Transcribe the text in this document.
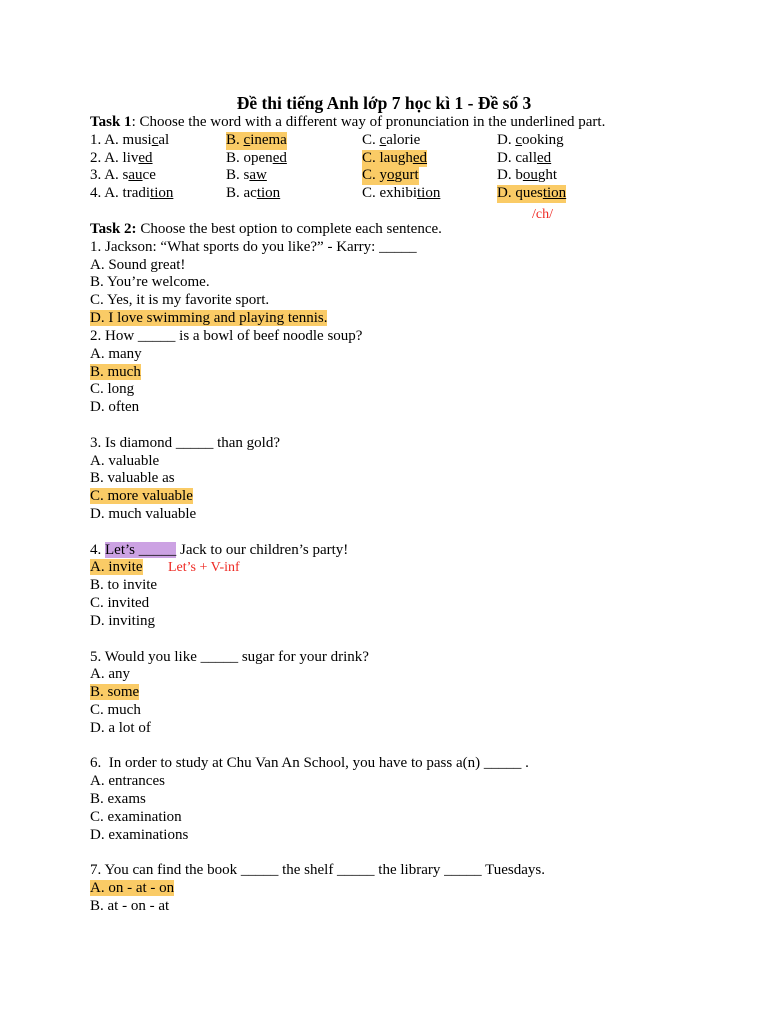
Đề thi tiếng Anh lớp 7 học kì 1 - Đề số 3
Task 1: Choose the word with a different way of pronunciation in the underlined part.
1. A. musical	B. cinema	C. calorie	D. cooking
2. A. lived	B. opened	C. laughed	D. called
3. A. sauce	B. saw	C. yogurt	D. bought
4. A. tradition	B. action	C. exhibition	D. question
/ch/
Task 2: Choose the best option to complete each sentence.
1. Jackson: “What sports do you like?” - Karry: _____
A. Sound great!
B. You’re welcome.
C. Yes, it is my favorite sport.
D. I love swimming and playing tennis.
2. How _____ is a bowl of beef noodle soup?
A. many
B. much
C. long
D. often
3. Is diamond _____ than gold?
A. valuable
B. valuable as
C. more valuable
D. much valuable
4. Let’s _____ Jack to our children’s party!
A. invite Let’s + V-inf
B. to invite
C. invited
D. inviting
5. Would you like _____ sugar for your drink?
A. any
B. some
C. much
D. a lot of
6.  In order to study at Chu Van An School, you have to pass a(n) _____ .
A. entrances
B. exams
C. examination
D. examinations
7. You can find the book _____ the shelf _____ the library _____ Tuesdays.
A. on - at - on
B. at - on - at
